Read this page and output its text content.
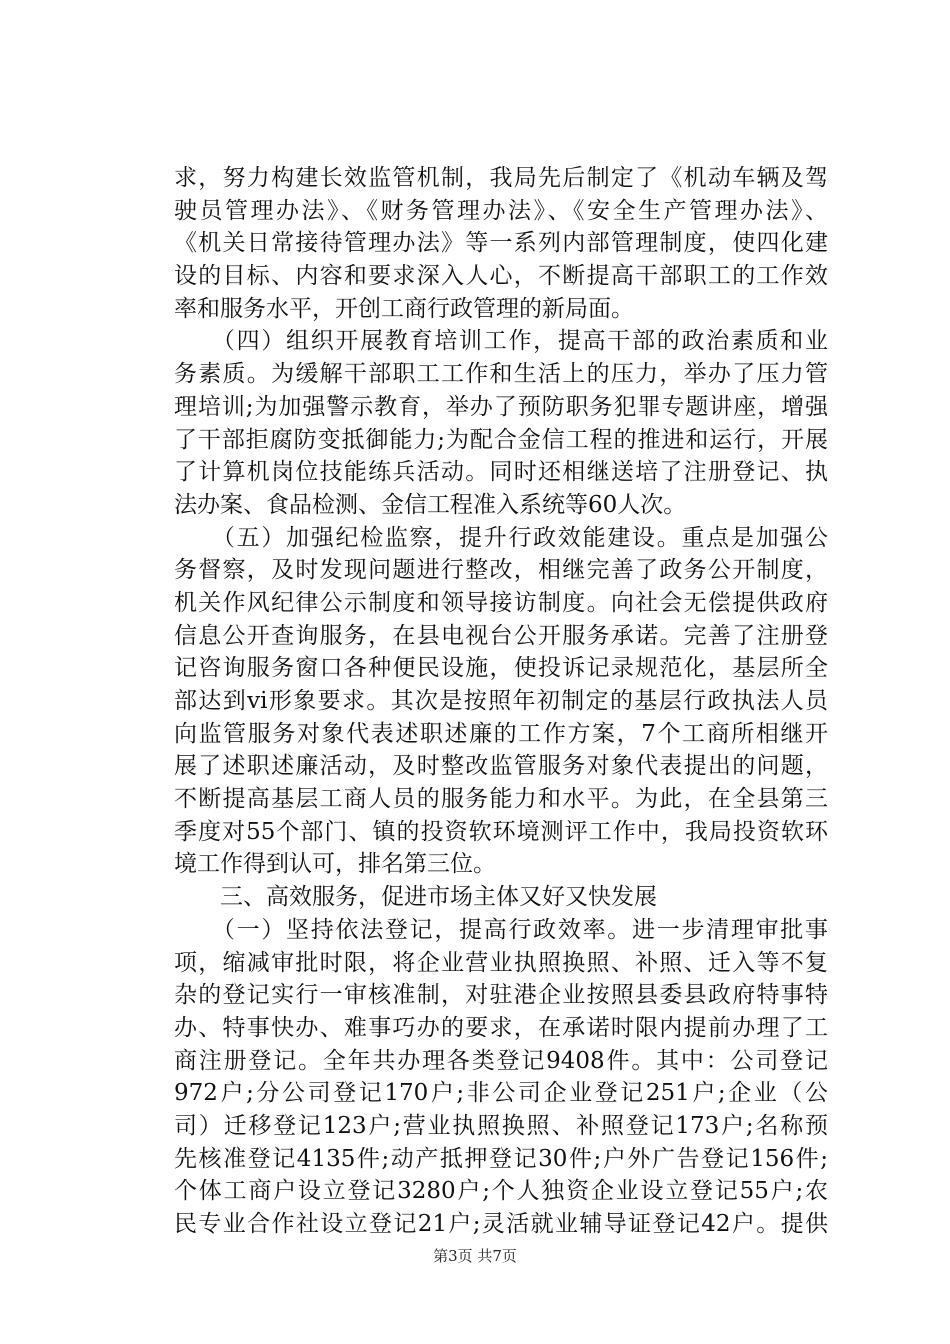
求，努力构建长效监管机制，我局先后制定了《机动车辆及驾
驶员管理办法》、《财务管理办法》、《安全生产管理办法》、
《机关日常接待管理办法》等一系列内部管理制度，使四化建
设的目标、内容和要求深入人心，不断提高干部职工的工作效
率和服务水平，开创工商行政管理的新局面。
　　（四）组织开展教育培训工作，提高干部的政治素质和业
务素质。为缓解干部职工工作和生活上的压力，举办了压力管
理培训;为加强警示教育，举办了预防职务犯罪专题讲座，增强
了干部拒腐防变抵御能力;为配合金信工程的推进和运行，开展
了计算机岗位技能练兵活动。同时还相继送培了注册登记、执
法办案、食品检测、金信工程准入系统等60人次。
　　（五）加强纪检监察，提升行政效能建设。重点是加强公
务督察，及时发现问题进行整改，相继完善了政务公开制度，
机关作风纪律公示制度和领导接访制度。向社会无偿提供政府
信息公开查询服务，在县电视台公开服务承诺。完善了注册登
记咨询服务窗口各种便民设施，使投诉记录规范化，基层所全
部达到vi形象要求。其次是按照年初制定的基层行政执法人员
向监管服务对象代表述职述廉的工作方案，7个工商所相继开
展了述职述廉活动，及时整改监管服务对象代表提出的问题，
不断提高基层工商人员的服务能力和水平。为此，在全县第三
季度对55个部门、镇的投资软环境测评工作中，我局投资软环
境工作得到认可，排名第三位。
　　三、高效服务，促进市场主体又好又快发展
　　（一）坚持依法登记，提高行政效率。进一步清理审批事
项，缩减审批时限，将企业营业执照换照、补照、迁入等不复
杂的登记实行一审核准制，对驻港企业按照县委县政府特事特
办、特事快办、难事巧办的要求，在承诺时限内提前办理了工
商注册登记。全年共办理各类登记9408件。其中：公司登记
972户;分公司登记170户;非公司企业登记251户;企业（公
司）迁移登记123户;营业执照换照、补照登记173户;名称预
先核准登记4135件;动产抵押登记30件;户外广告登记156件;
个体工商户设立登记3280户;个人独资企业设立登记55户;农
民专业合作社设立登记21户;灵活就业辅导证登记42户。提供
第3页 共7页
